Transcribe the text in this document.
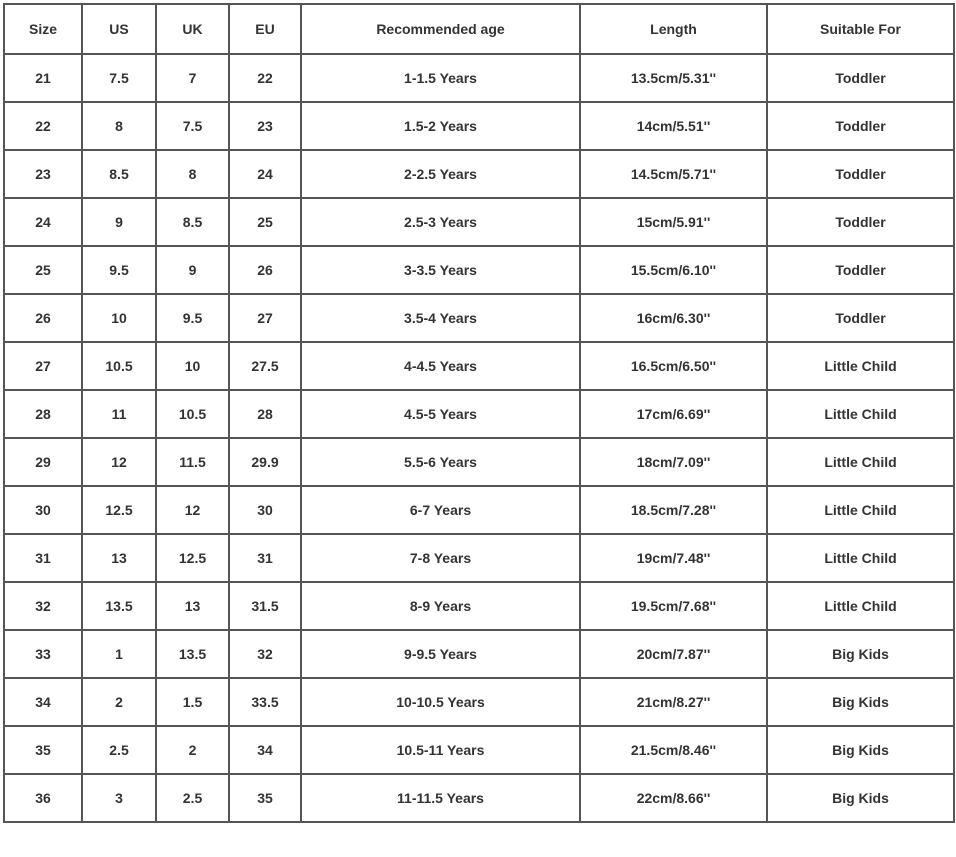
Size	US	UK	EU	Recommended age	Length	Suitable For
21	7.5	7	22	1-1.5 Years	13.5cm/5.31''	Toddler
22	8	7.5	23	1.5-2 Years	14cm/5.51''	Toddler
23	8.5	8	24	2-2.5 Years	14.5cm/5.71''	Toddler
24	9	8.5	25	2.5-3 Years	15cm/5.91''	Toddler
25	9.5	9	26	3-3.5 Years	15.5cm/6.10''	Toddler
26	10	9.5	27	3.5-4 Years	16cm/6.30''	Toddler
27	10.5	10	27.5	4-4.5 Years	16.5cm/6.50''	Little Child
28	11	10.5	28	4.5-5 Years	17cm/6.69''	Little Child
29	12	11.5	29.9	5.5-6 Years	18cm/7.09''	Little Child
30	12.5	12	30	6-7 Years	18.5cm/7.28''	Little Child
31	13	12.5	31	7-8 Years	19cm/7.48''	Little Child
32	13.5	13	31.5	8-9 Years	19.5cm/7.68''	Little Child
33	1	13.5	32	9-9.5 Years	20cm/7.87''	Big Kids
34	2	1.5	33.5	10-10.5 Years	21cm/8.27''	Big Kids
35	2.5	2	34	10.5-11 Years	21.5cm/8.46''	Big Kids
36	3	2.5	35	11-11.5 Years	22cm/8.66''	Big Kids
